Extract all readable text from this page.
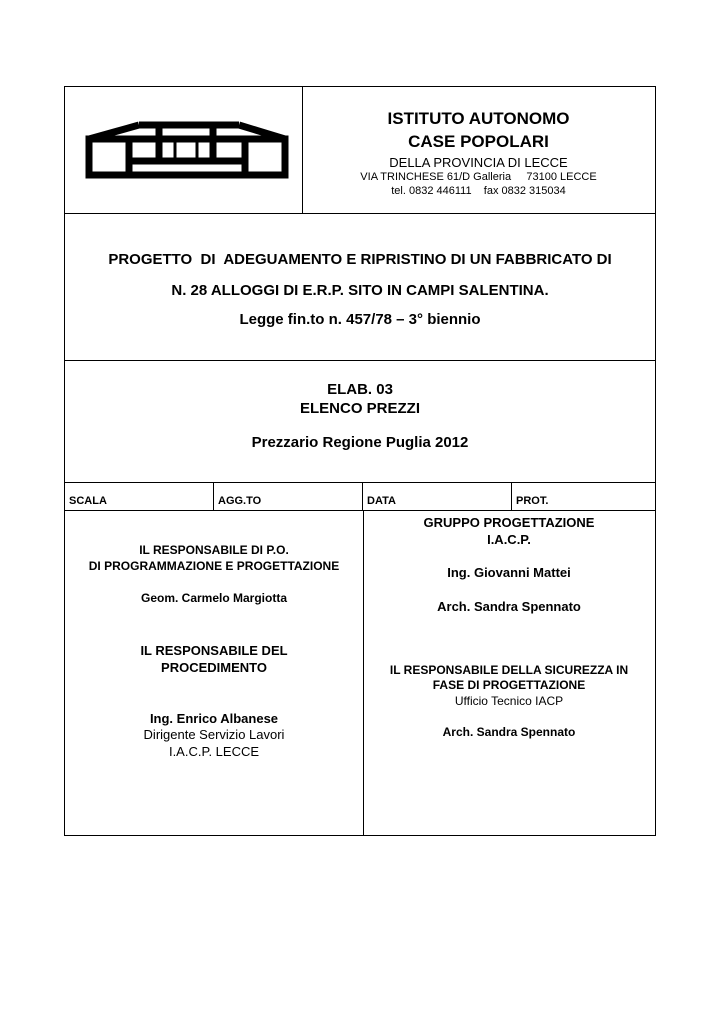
ISTITUTO AUTONOMO
CASE POPOLARI
DELLA PROVINCIA DI LECCE
VIA TRINCHESE 61/D Galleria     73100 LECCE
tel. 0832 446111    fax 0832 315034
PROGETTO  DI  ADEGUAMENTO E RIPRISTINO DI UN FABBRICATO DI
N. 28 ALLOGGI DI E.R.P. SITO IN CAMPI SALENTINA.
Legge fin.to n. 457/78 – 3° biennio
ELAB. 03
ELENCO PREZZI
Prezzario Regione Puglia 2012
SCALA	AGG.TO	DATA	PROT.
IL RESPONSABILE DI P.O.
DI PROGRAMMAZIONE E PROGETTAZIONE
Geom. Carmelo Margiotta
IL RESPONSABILE DEL
PROCEDIMENTO
Ing. Enrico Albanese
Dirigente Servizio Lavori
I.A.C.P. LECCE
GRUPPO PROGETTAZIONE
I.A.C.P.
Ing. Giovanni Mattei
Arch. Sandra Spennato
IL RESPONSABILE DELLA SICUREZZA IN
FASE DI PROGETTAZIONE
Ufficio Tecnico IACP
Arch. Sandra Spennato
